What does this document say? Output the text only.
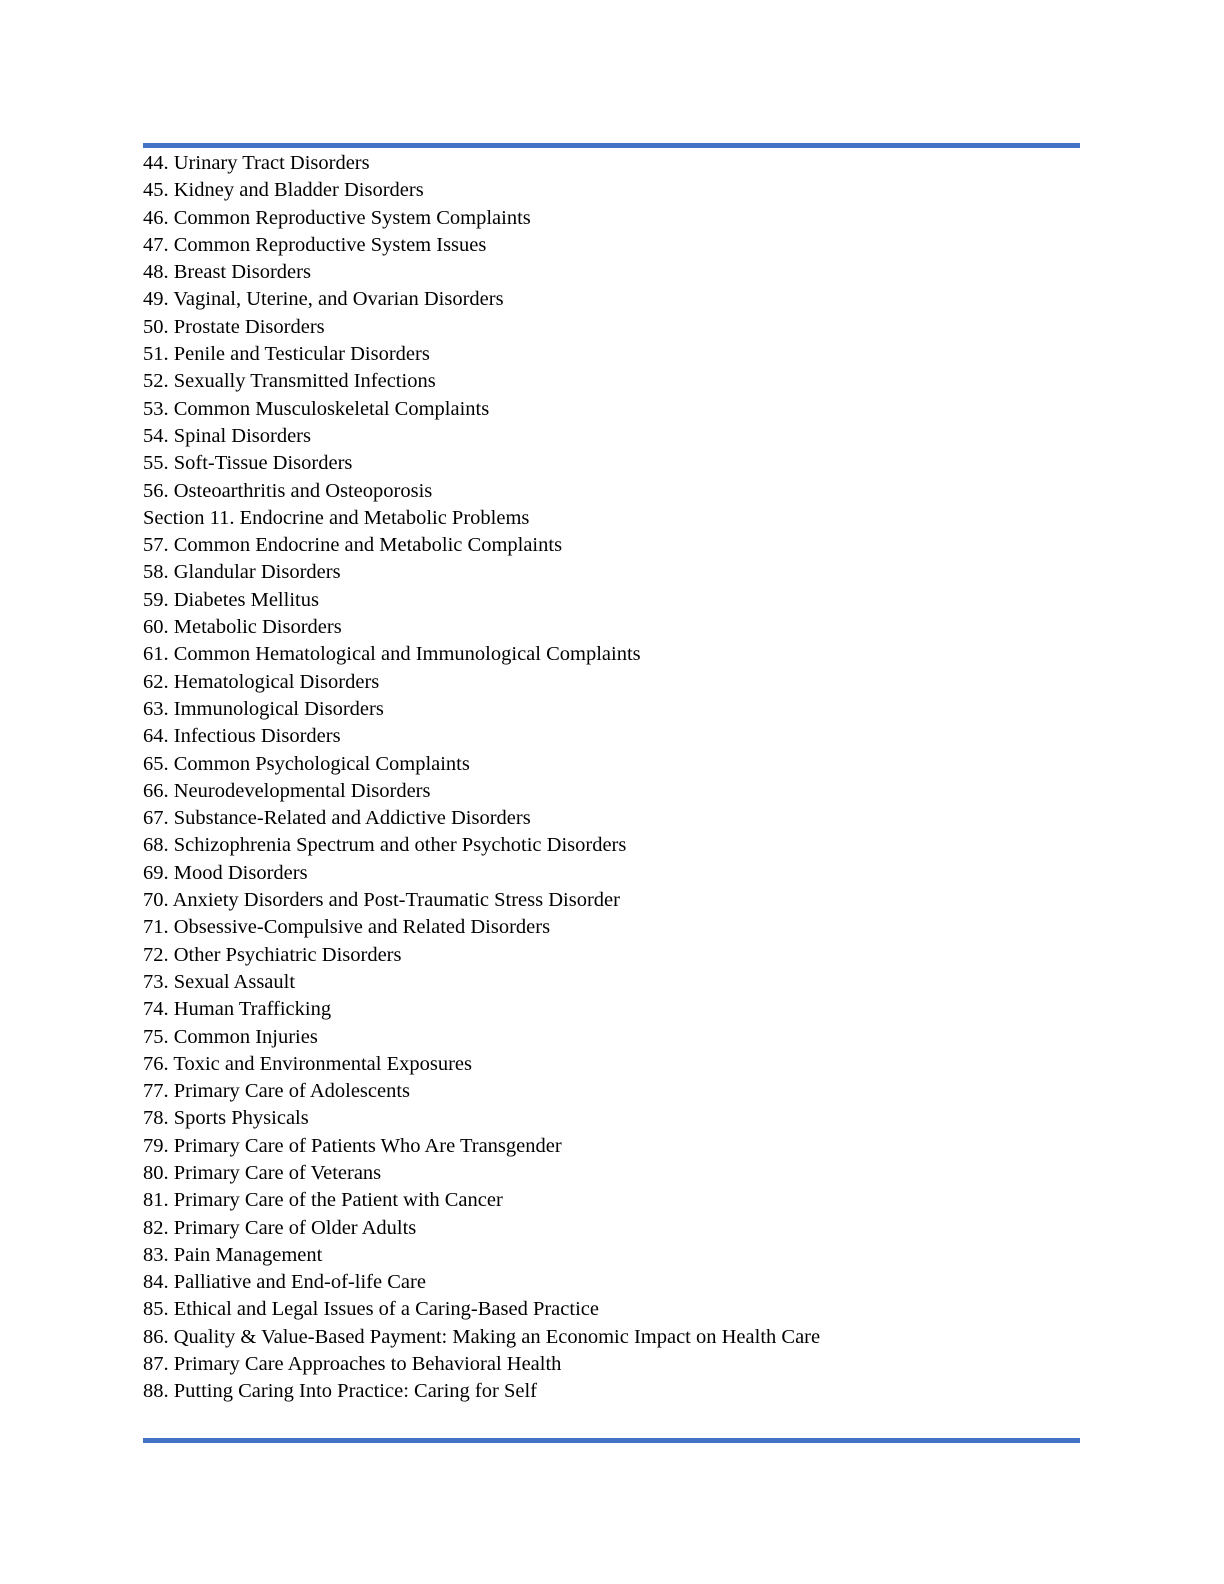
44. Urinary Tract Disorders
45. Kidney and Bladder Disorders
46. Common Reproductive System Complaints
47. Common Reproductive System Issues
48. Breast Disorders
49. Vaginal, Uterine, and Ovarian Disorders
50. Prostate Disorders
51. Penile and Testicular Disorders
52. Sexually Transmitted Infections
53. Common Musculoskeletal Complaints
54. Spinal Disorders
55. Soft-Tissue Disorders
56. Osteoarthritis and Osteoporosis
Section 11. Endocrine and Metabolic Problems
57. Common Endocrine and Metabolic Complaints
58. Glandular Disorders
59. Diabetes Mellitus
60. Metabolic Disorders
61. Common Hematological and Immunological Complaints
62. Hematological Disorders
63. Immunological Disorders
64. Infectious Disorders
65. Common Psychological Complaints
66. Neurodevelopmental Disorders
67. Substance-Related and Addictive Disorders
68. Schizophrenia Spectrum and other Psychotic Disorders
69. Mood Disorders
70. Anxiety Disorders and Post-Traumatic Stress Disorder
71. Obsessive-Compulsive and Related Disorders
72. Other Psychiatric Disorders
73. Sexual Assault
74. Human Trafficking
75. Common Injuries
76. Toxic and Environmental Exposures
77. Primary Care of Adolescents
78. Sports Physicals
79. Primary Care of Patients Who Are Transgender
80. Primary Care of Veterans
81. Primary Care of the Patient with Cancer
82. Primary Care of Older Adults
83. Pain Management
84. Palliative and End-of-life Care
85. Ethical and Legal Issues of a Caring-Based Practice
86. Quality & Value-Based Payment: Making an Economic Impact on Health Care
87. Primary Care Approaches to Behavioral Health
88. Putting Caring Into Practice: Caring for Self
